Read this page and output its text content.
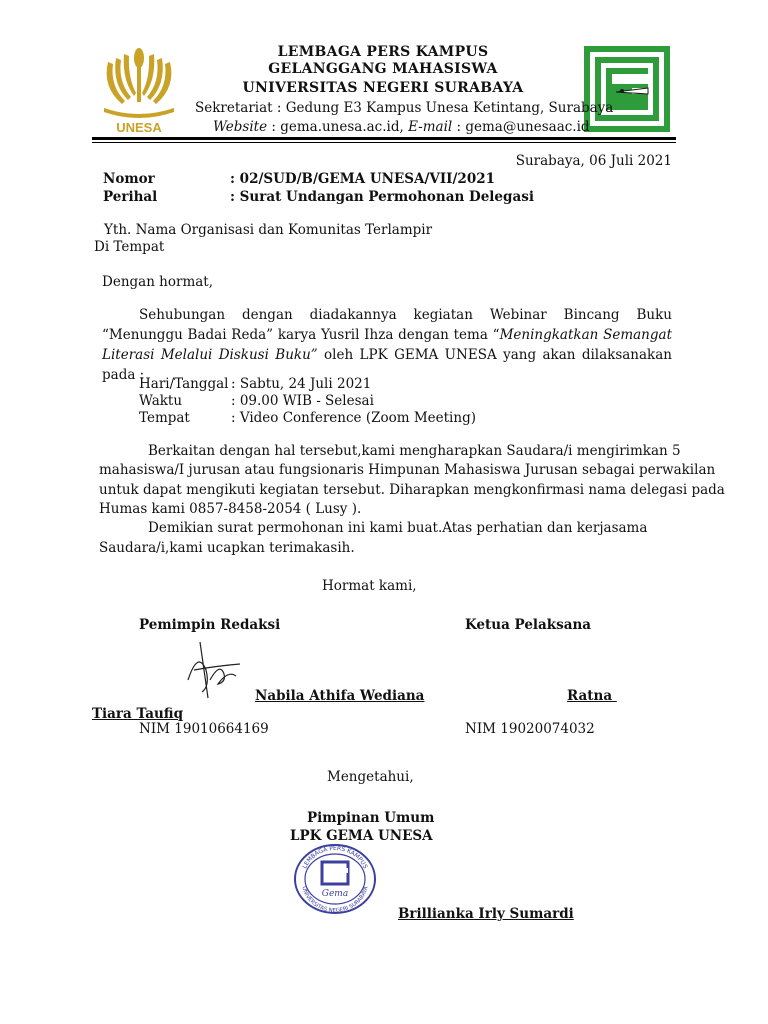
UNESA
LEMBAGA PERS KAMPUS
GELANGGANG MAHASISWA
UNIVERSITAS NEGERI SURABAYA
Sekretariat : Gedung E3 Kampus Unesa Ketintang, Surabaya
Website : gema.unesa.ac.id, E-mail : gema@unesaac.id
Surabaya, 06 Juli 2021
Nomor	: 02/SUD/B/GEMA UNESA/VII/2021
Perihal	: Surat Undangan Permohonan Delegasi
Yth. Nama Organisasi dan Komunitas Terlampir
Di Tempat
Dengan hormat,
Sehubungan dengan diadakannya kegiatan Webinar Bincang Buku “Menunggu Badai Reda” karya Yusril Ihza dengan tema “Meningkatkan Semangat Literasi Melalui Diskusi Buku” oleh LPK GEMA UNESA yang akan dilaksanakan pada :
Hari/Tanggal : Sabtu, 24 Juli 2021
Waktu	: 09.00 WIB - Selesai
Tempat	: Video Conference (Zoom Meeting)
Berkaitan dengan hal tersebut,kami mengharapkan Saudara/i mengirimkan 5
mahasiswa/I jurusan atau fungsionaris Himpunan Mahasiswa Jurusan sebagai perwakilan
untuk dapat mengikuti kegiatan tersebut. Diharapkan mengkonfirmasi nama delegasi pada
Humas kami 0857-8458-2054 ( Lusy ).
Demikian surat permohonan ini kami buat.Atas perhatian dan kerjasama
Saudara/i,kami ucapkan terimakasih.
Hormat kami,
Pemimpin Redaksi	Ketua Pelaksana
Nabila Athifa Wediana	Ratna
Tiara Taufiq
NIM 19010664169	NIM 19020074032
Mengetahui,
Pimpinan Umum
LPK GEMA UNESA
LEMBAGA PERS KAMPUS
UNIVERSITAS NEGERI SURABAYA
Gema
Brillianka Irly Sumardi
